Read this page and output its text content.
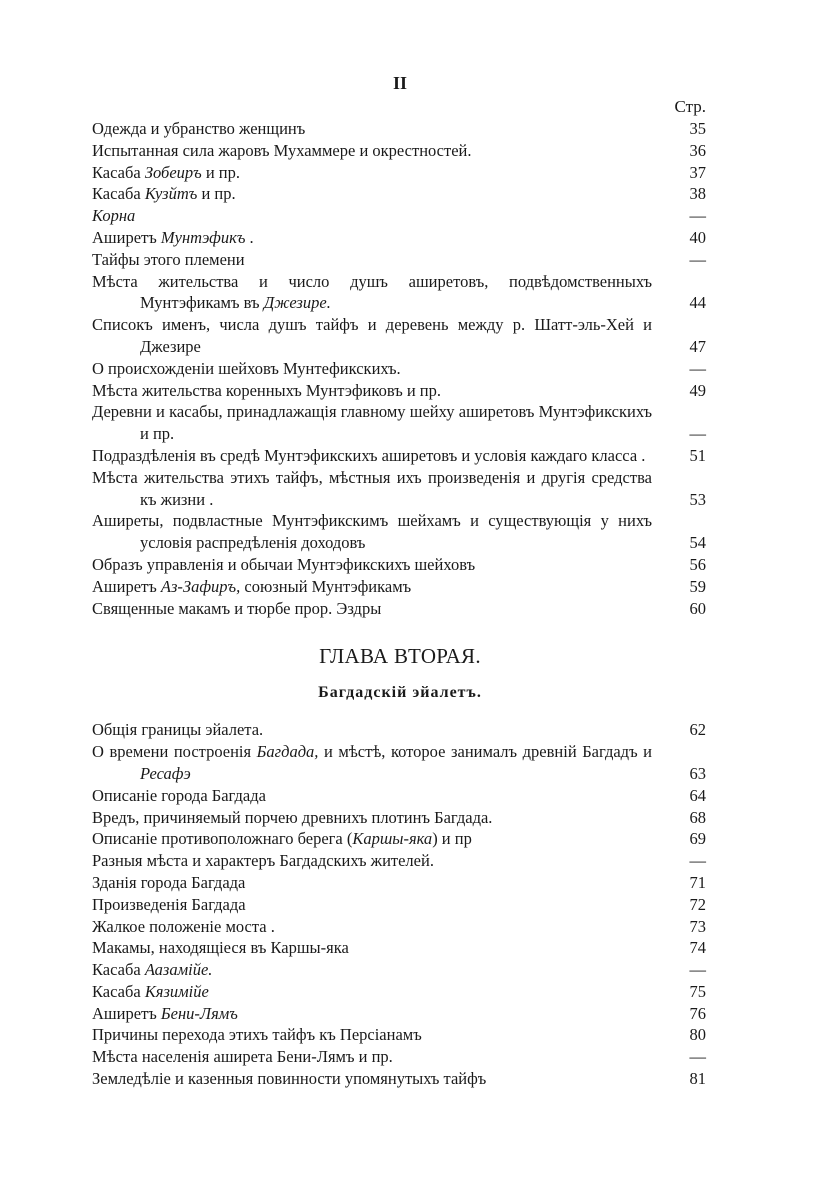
II
Стр.
Одежда и убранство женщинъ	35
Испытанная сила жаровъ Мухаммере и окрестностей.	36
Касаба Зобеиръ и пр.	37
Касаба Кузйтъ и пр.	38
Корна	—
Аширетъ Мунтэфикъ .	40
Тайфы этого племени	—
Мѣста жительства и число душъ аширетовъ, подвѣдомственныхъ Мунтэфикамъ въ Джезире.	44
Списокъ именъ, числа душъ тайфъ и деревень между р. Шатт-эль-Хей и Джезире	47
О происхожденіи шейховъ Мунтефикскихъ.	—
Мѣста жительства коренныхъ Мунтэфиковъ и пр.	49
Деревни и касабы, принадлажащія главному шейху аширетовъ Мунтэфикскихъ и пр.	—
Подраздѣленія въ средѣ Мунтэфикскихъ аширетовъ и условія каждаго класса .	51
Мѣста жительства этихъ тайфъ, мѣстныя ихъ произведенія и другія средства къ жизни .	53
Аширеты, подвластные Мунтэфикскимъ шейхамъ и существующія у нихъ условія распредѣленія доходовъ	54
Образъ управленія и обычаи Мунтэфикскихъ шейховъ	56
Аширетъ Аз-Зафиръ, союзный Мунтэфикамъ	59
Священные макамъ и тюрбе прор. Эздры	60
ГЛАВА ВТОРАЯ.
Багдадскій эйалетъ.
Общія границы эйалета.	62
О времени построенія Багдада, и мѣстѣ, которое занималъ древній Багдадъ и Ресафэ	63
Описаніе города Багдада	64
Вредъ, причиняемый порчею древнихъ плотинъ Багдада.	68
Описаніе противоположнаго берега (Каршы-яка) и пр	69
Разныя мѣста и характеръ Багдадскихъ жителей.	—
Зданія города Багдада	71
Произведенія Багдада	72
Жалкое положеніе моста .	73
Макамы, находящіеся въ Каршы-яка	74
Касаба Аазамійе.	—
Касаба Кязимійе	75
Аширетъ Бени-Лямъ	76
Причины перехода этихъ тайфъ къ Персіанамъ	80
Мѣста населенія аширета Бени-Лямъ и пр.	—
Земледѣліе и казенныя повинности упомянутыхъ тайфъ	81
